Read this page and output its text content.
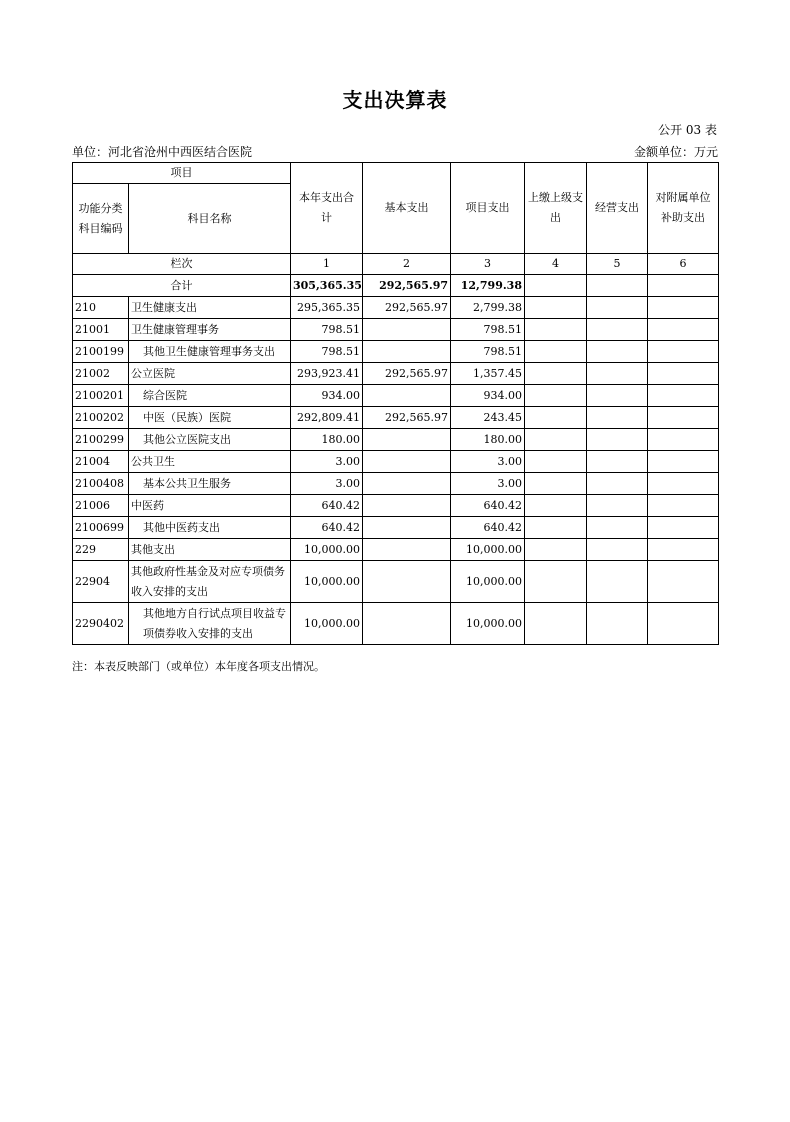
支出决算表
公开 03 表
单位：河北省沧州中西医结合医院	金额单位：万元
项目		本年支出合计	基本支出	项目支出	上缴上级支出	经营支出	对附属单位补助支出
功能分类科目编码	科目名称						
栏次		1	2	3	4	5	6
合计		305,365.35	292,565.97	12,799.38			
210	卫生健康支出	295,365.35	292,565.97	2,799.38			
21001	卫生健康管理事务	798.51		798.51			
2100199	其他卫生健康管理事务支出	798.51		798.51			
21002	公立医院	293,923.41	292,565.97	1,357.45			
2100201	综合医院	934.00		934.00			
2100202	中医（民族）医院	292,809.41	292,565.97	243.45			
2100299	其他公立医院支出	180.00		180.00			
21004	公共卫生	3.00		3.00			
2100408	基本公共卫生服务	3.00		3.00			
21006	中医药	640.42		640.42			
2100699	其他中医药支出	640.42		640.42			
229	其他支出	10,000.00		10,000.00			
22904	其他政府性基金及对应专项债务收入安排的支出	10,000.00		10,000.00			
2290402	其他地方自行试点项目收益专项债券收入安排的支出	10,000.00		10,000.00			
注：本表反映部门（或单位）本年度各项支出情况。
